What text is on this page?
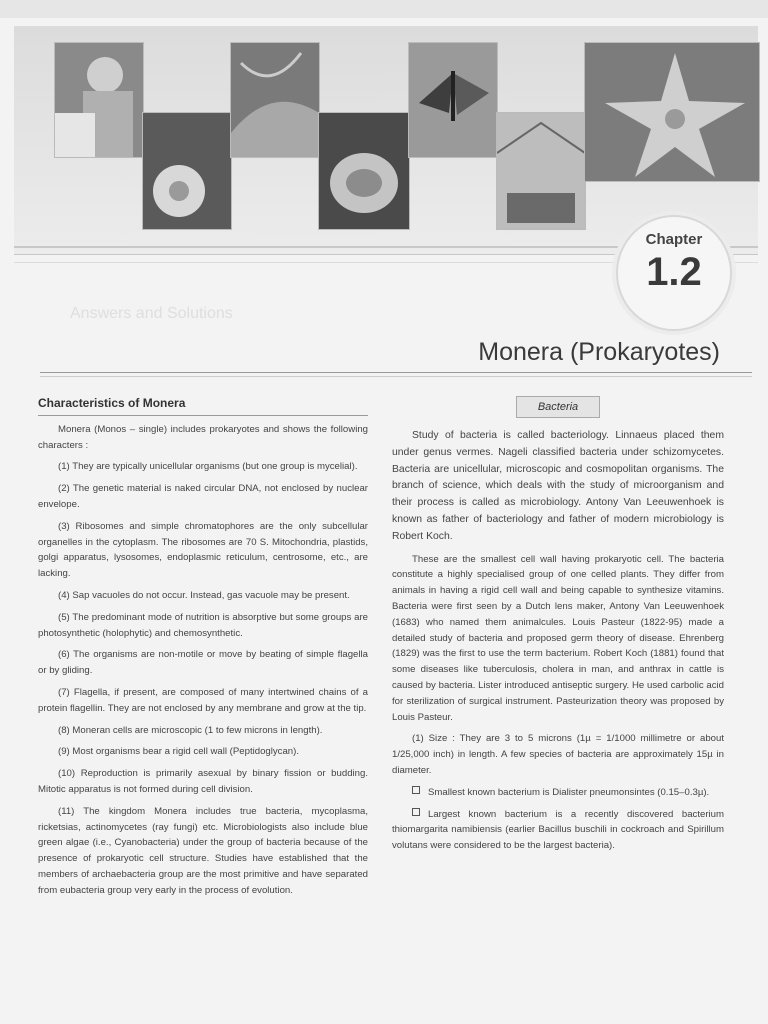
Chapter
1.2
Answers and Solutions
Monera (Prokaryotes)

Characteristics of Monera

Monera (Monos – single) includes prokaryotes and shows the following characters :

(1) They are typically unicellular organisms (but one group is mycelial).

(2) The genetic material is naked circular DNA, not enclosed by nuclear envelope.

(3) Ribosomes and simple chromatophores are the only subcellular organelles in the cytoplasm. The ribosomes are 70 S. Mitochondria, plastids, golgi apparatus, lysosomes, endoplasmic reticulum, centrosome, etc., are lacking.

(4) Sap vacuoles do not occur. Instead, gas vacuole may be present.

(5) The predominant mode of nutrition is absorptive but some groups are photosynthetic (holophytic) and chemosynthetic.

(6) The organisms are non-motile or move by beating of simple flagella or by gliding.

(7) Flagella, if present, are composed of many intertwined chains of a protein flagellin. They are not enclosed by any membrane and grow at the tip.

(8) Moneran cells are microscopic (1 to few microns in length).

(9) Most organisms bear a rigid cell wall (Peptidoglycan).

(10) Reproduction is primarily asexual by binary fission or budding. Mitotic apparatus is not formed during cell division.

(11) The kingdom Monera includes true bacteria, mycoplasma, ricketsias, actinomycetes (ray fungi) etc. Microbiologists also include blue green algae (i.e., Cyanobacteria) under the group of bacteria because of the presence of prokaryotic cell structure. Studies have established that the members of archaebacteria group are the most primitive and have separated from eubacteria group very early in the process of evolution.

Bacteria

Study of bacteria is called bacteriology. Linnaeus placed them under genus vermes. Nageli classified bacteria under schizomycetes. Bacteria are unicellular, microscopic and cosmopolitan organisms. The branch of science, which deals with the study of microorganism and their process is called as microbiology. Antony Van Leeuwenhoek is known as father of bacteriology and father of modern microbiology is Robert Koch.

These are the smallest cell wall having prokaryotic cell. The bacteria constitute a highly specialised group of one celled plants. They differ from animals in having a rigid cell wall and being capable to synthesize vitamins. Bacteria were first seen by a Dutch lens maker, Antony Van Leeuwenhoek (1683) who named them animalcules. Louis Pasteur (1822-95) made a detailed study of bacteria and proposed germ theory of disease. Ehrenberg (1829) was the first to use the term bacterium. Robert Koch (1881) found that some diseases like tuberculosis, cholera in man, and anthrax in cattle is caused by bacteria. Lister introduced antiseptic surgery. He used carbolic acid for sterilization of surgical instrument. Pasteurization theory was proposed by Louis Pasteur.

(1) Size : They are 3 to 5 microns (1µ = 1/1000 millimetre or about 1/25,000 inch) in length. A few species of bacteria are approximately 15µ in diameter.

Smallest known bacterium is Dialister pneumonsintes (0.15–0.3µ).

Largest known bacterium is a recently discovered bacterium thiomargarita namibiensis (earlier Bacillus buschili in cockroach and Spirillum volutans were considered to be the largest bacteria).
